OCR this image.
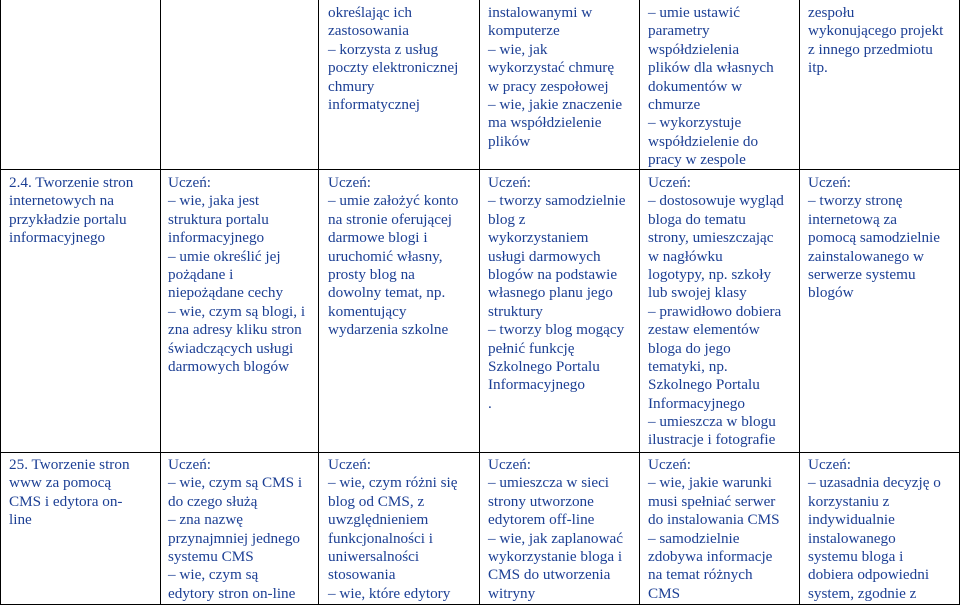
2.4. Tworzenie stron
internetowych na
przykładzie portalu
informacyjnego
25. Tworzenie stron
www za pomocą
CMS i edytora on-
line
Uczeń:
– wie, jaka jest
struktura portalu
informacyjnego
– umie określić jej
pożądane i
niepożądane cechy
– wie, czym są blogi, i
zna adresy kliku stron
świadczących usługi
darmowych blogów
Uczeń:
– wie, czym są CMS i
do czego służą
– zna nazwę
przynajmniej jednego
systemu CMS
– wie, czym są
edytory stron on-line
określając ich
zastosowania
– korzysta z usług
poczty elektronicznej
chmury
informatycznej
Uczeń:
– umie założyć konto
na stronie oferującej
darmowe blogi i
uruchomić własny,
prosty blog na
dowolny temat, np.
komentujący
wydarzenia szkolne
Uczeń:
– wie, czym różni się
blog od CMS, z
uwzględnieniem
funkcjonalności i
uniwersalności
stosowania
– wie, które edytory
instalowanymi w
komputerze
– wie, jak
wykorzystać chmurę
w pracy zespołowej
– wie, jakie znaczenie
ma współdzielenie
plików
Uczeń:
– tworzy samodzielnie
blog z
wykorzystaniem
usługi darmowych
blogów na podstawie
własnego planu jego
struktury
– tworzy blog mogący
pełnić funkcję
Szkolnego Portalu
Informacyjnego
.
Uczeń:
– umieszcza w sieci
strony utworzone
edytorem off-line
– wie, jak zaplanować
wykorzystanie bloga i
CMS do utworzenia
witryny
– umie ustawić
parametry
współdzielenia
plików dla własnych
dokumentów w
chmurze
– wykorzystuje
współdzielenie do
pracy w zespole
Uczeń:
– dostosowuje wygląd
bloga do tematu
strony, umieszczając
w nagłówku
logotypy, np. szkoły
lub swojej klasy
– prawidłowo dobiera
zestaw elementów
bloga do jego
tematyki, np.
Szkolnego Portalu
Informacyjnego
– umieszcza w blogu
ilustracje i fotografie
Uczeń:
– wie, jakie warunki
musi spełniać serwer
do instalowania CMS
– samodzielnie
zdobywa informacje
na temat różnych
CMS
zespołu
wykonującego projekt
z innego przedmiotu
itp.
Uczeń:
– tworzy stronę
internetową za
pomocą samodzielnie
zainstalowanego w
serwerze systemu
blogów
Uczeń:
– uzasadnia decyzję o
korzystaniu z
indywidualnie
instalowanego
systemu bloga i
dobiera odpowiedni
system, zgodnie z
